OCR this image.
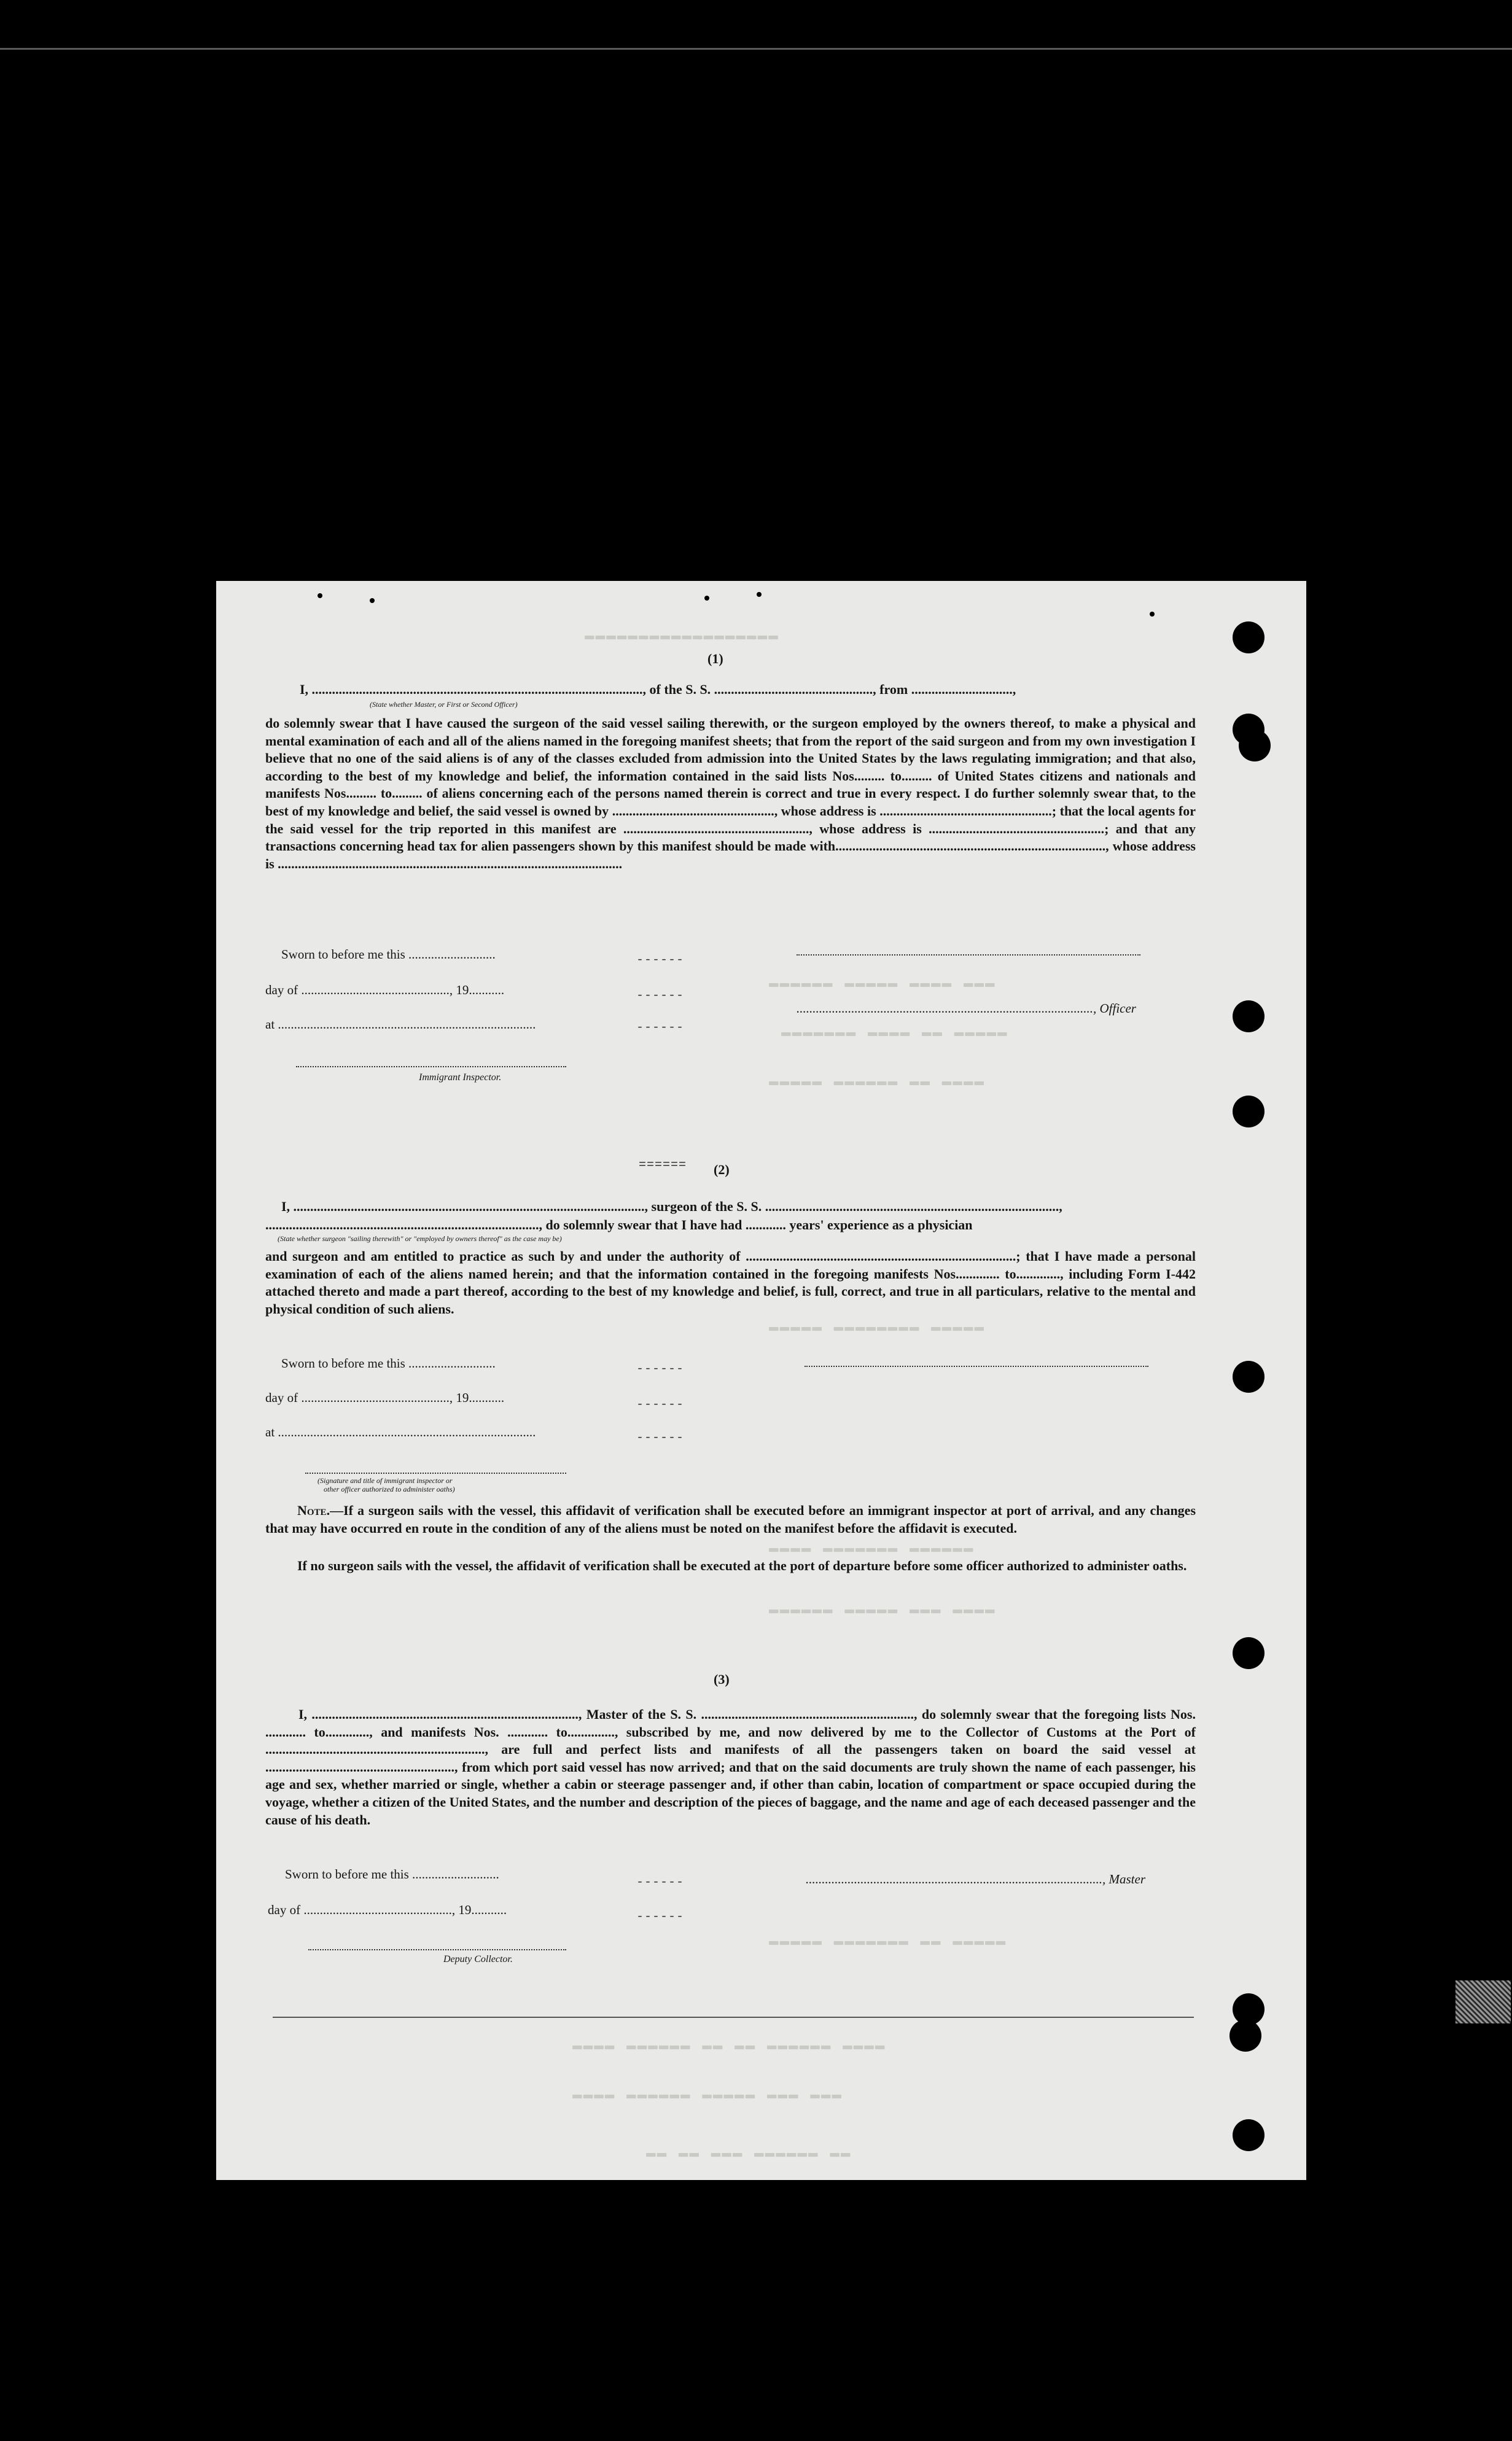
▬▬▬▬▬▬▬▬▬▬▬▬▬▬▬▬▬▬
▬▬▬▬▬▬ ▬▬▬▬▬ ▬▬▬▬ ▬▬▬
▬▬▬▬▬▬▬ ▬▬▬▬ ▬▬ ▬▬▬▬▬
▬▬▬▬▬ ▬▬▬▬▬▬ ▬▬ ▬▬▬▬
▬▬▬▬▬ ▬▬▬▬▬▬▬▬ ▬▬▬▬▬
▬▬▬▬ ▬▬▬▬▬▬▬ ▬▬▬▬▬▬
▬▬▬▬▬▬ ▬▬▬▬▬ ▬▬▬ ▬▬▬▬
▬▬▬▬▬ ▬▬▬▬▬▬▬ ▬▬ ▬▬▬▬▬
▬▬▬▬ ▬▬▬▬▬▬ ▬▬ ▬▬ ▬▬▬▬▬▬ ▬▬▬▬
▬▬▬▬ ▬▬▬▬▬▬ ▬▬▬▬▬ ▬▬▬ ▬▬▬
▬▬ ▬▬ ▬▬▬ ▬▬▬▬▬▬ ▬▬
(1)
I, .................................................................................................., of the S. S. ..............................................., from ..............................,
(State whether Master, or First or Second Officer)
do solemnly swear that I have caused the surgeon of the said vessel sailing therewith, or the surgeon employed by the owners thereof, to make a physical and mental examination of each and all of the aliens named in the foregoing manifest sheets; that from the report of the said surgeon and from my own investigation I believe that no one of the said aliens is of any of the classes excluded from admission into the United States by the laws regulating immigration; and that also, according to the best of my knowledge and belief, the information contained in the said lists Nos......... to......... of United States citizens and nationals and manifests Nos......... to......... of aliens concerning each of the persons named therein is correct and true in every respect. I do further solemnly swear that, to the best of my knowledge and belief, the said vessel is owned by ................................................, whose address is ...................................................; that the local agents for the said vessel for the trip reported in this manifest are ......................................................., whose address is ....................................................; and that any transactions concerning head tax for alien passengers shown by this manifest should be made with................................................................................, whose address is ......................................................................................................
Sworn to before me this ...........................
day of .............................................., 19...........
at ................................................................................
Immigrant Inspector.
............................................................................................, Officer
------
------
------
====== (2)
I, ........................................................................................................, surgeon of the S. S. .......................................................................................,
................................................................................., do solemnly swear that I have had ............ years' experience as a physician
(State whether surgeon "sailing therewith" or "employed by owners thereof" as the case may be)
and surgeon and am entitled to practice as such by and under the authority of ................................................................................; that I have made a personal examination of each of the aliens named herein; and that the information contained in the foregoing manifests Nos............. to............., including Form I-442 attached thereto and made a part thereof, according to the best of my knowledge and belief, is full, correct, and true in all particulars, relative to the mental and physical condition of such aliens.
Sworn to before me this ...........................
day of .............................................., 19...........
at ................................................................................
(Signature and title of immigrant inspector or
other officer authorized to administer oaths)
------
------
------
Note.—If a surgeon sails with the vessel, this affidavit of verification shall be executed before an immigrant inspector at port of arrival, and any changes that may have occurred en route in the condition of any of the aliens must be noted on the manifest before the affidavit is executed.
If no surgeon sails with the vessel, the affidavit of verification shall be executed at the port of departure before some officer authorized to administer oaths.
(3)
I, ..............................................................................., Master of the S. S. ..............................................................., do solemnly swear that the foregoing lists Nos. ............ to............., and manifests Nos. ............ to.............., subscribed by me, and now delivered by me to the Collector of Customs at the Port of ................................................................., are full and perfect lists and manifests of all the passengers taken on board the said vessel at ........................................................, from which port said vessel has now arrived; and that on the said documents are truly shown the name of each passenger, his age and sex, whether married or single, whether a cabin or steerage passenger and, if other than cabin, location of compartment or space occupied during the voyage, whether a citizen of the United States, and the number and description of the pieces of baggage, and the name and age of each deceased passenger and the cause of his death.
Sworn to before me this ...........................
day of .............................................., 19...........
Deputy Collector.
............................................................................................, Master
------
------
